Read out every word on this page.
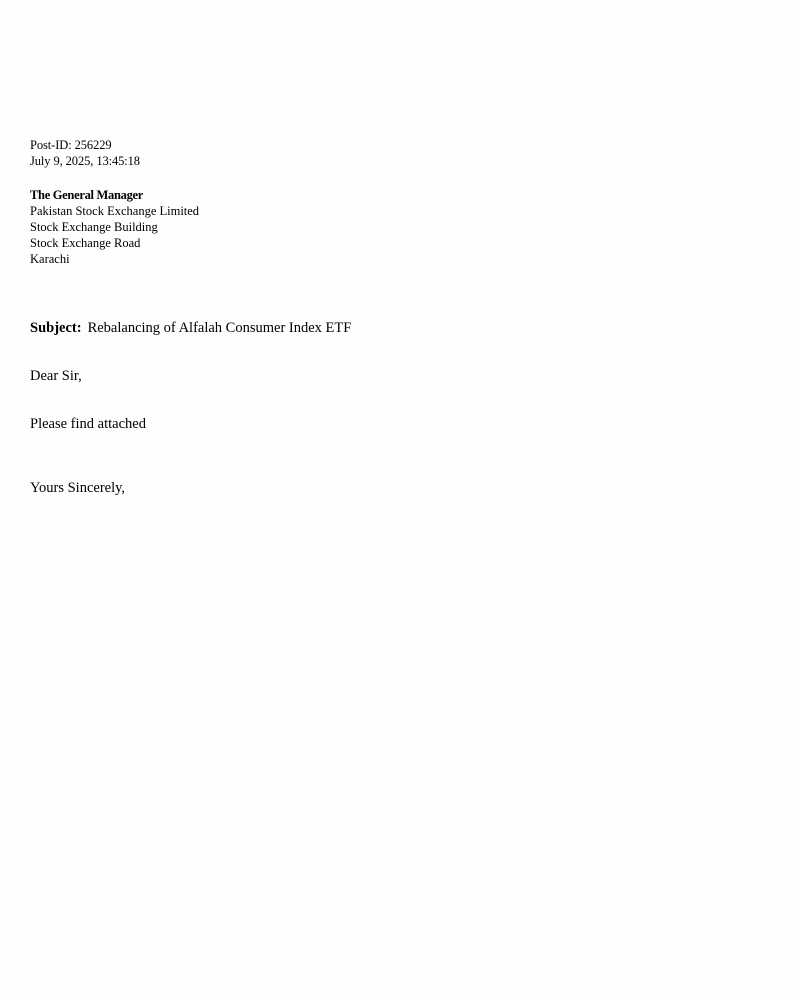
Post-ID: 256229
July 9, 2025, 13:45:18
The General Manager
Pakistan Stock Exchange Limited
Stock Exchange Building
Stock Exchange Road
Karachi
Subject: Rebalancing of Alfalah Consumer Index ETF
Dear Sir,
Please find attached
Yours Sincerely,
